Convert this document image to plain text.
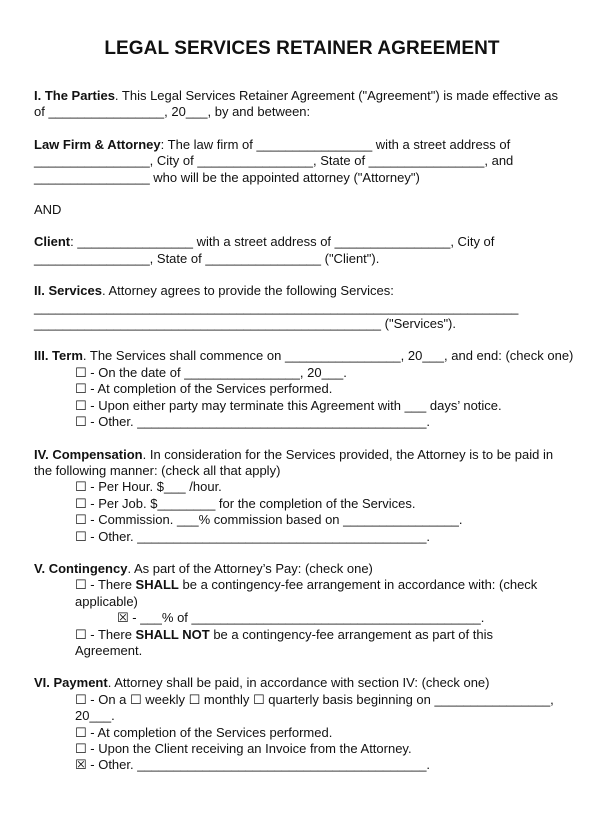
LEGAL SERVICES RETAINER AGREEMENT
I. The Parties. This Legal Services Retainer Agreement ("Agreement") is made effective as
of ________________, 20___, by and between:
Law Firm & Attorney: The law firm of ________________ with a street address of
________________, City of ________________, State of ________________, and
________________ who will be the appointed attorney ("Attorney")
AND
Client: ________________ with a street address of ________________, City of
________________, State of ________________ ("Client").
II. Services. Attorney agrees to provide the following Services:
___________________________________________________________________
________________________________________________ ("Services").
III. Term. The Services shall commence on ________________, 20___, and end: (check one)
☐ - On the date of ________________, 20___.
☐ - At completion of the Services performed.
☐ - Upon either party may terminate this Agreement with ___ days’ notice.
☐ - Other. ________________________________________.
IV. Compensation. In consideration for the Services provided, the Attorney is to be paid in
the following manner: (check all that apply)
☐ - Per Hour. $___ /hour.
☐ - Per Job. $________ for the completion of the Services.
☐ - Commission. ___% commission based on ________________.
☐ - Other. ________________________________________.
V. Contingency. As part of the Attorney’s Pay: (check one)
☐ - There SHALL be a contingency-fee arrangement in accordance with: (check
applicable)
☒ - ___% of ________________________________________.
☐ - There SHALL NOT be a contingency-fee arrangement as part of this
Agreement.
VI. Payment. Attorney shall be paid, in accordance with section IV: (check one)
☐ - On a ☐ weekly ☐ monthly ☐ quarterly basis beginning on ________________,
20___.
☐ - At completion of the Services performed.
☐ - Upon the Client receiving an Invoice from the Attorney.
☒ - Other. ________________________________________.
